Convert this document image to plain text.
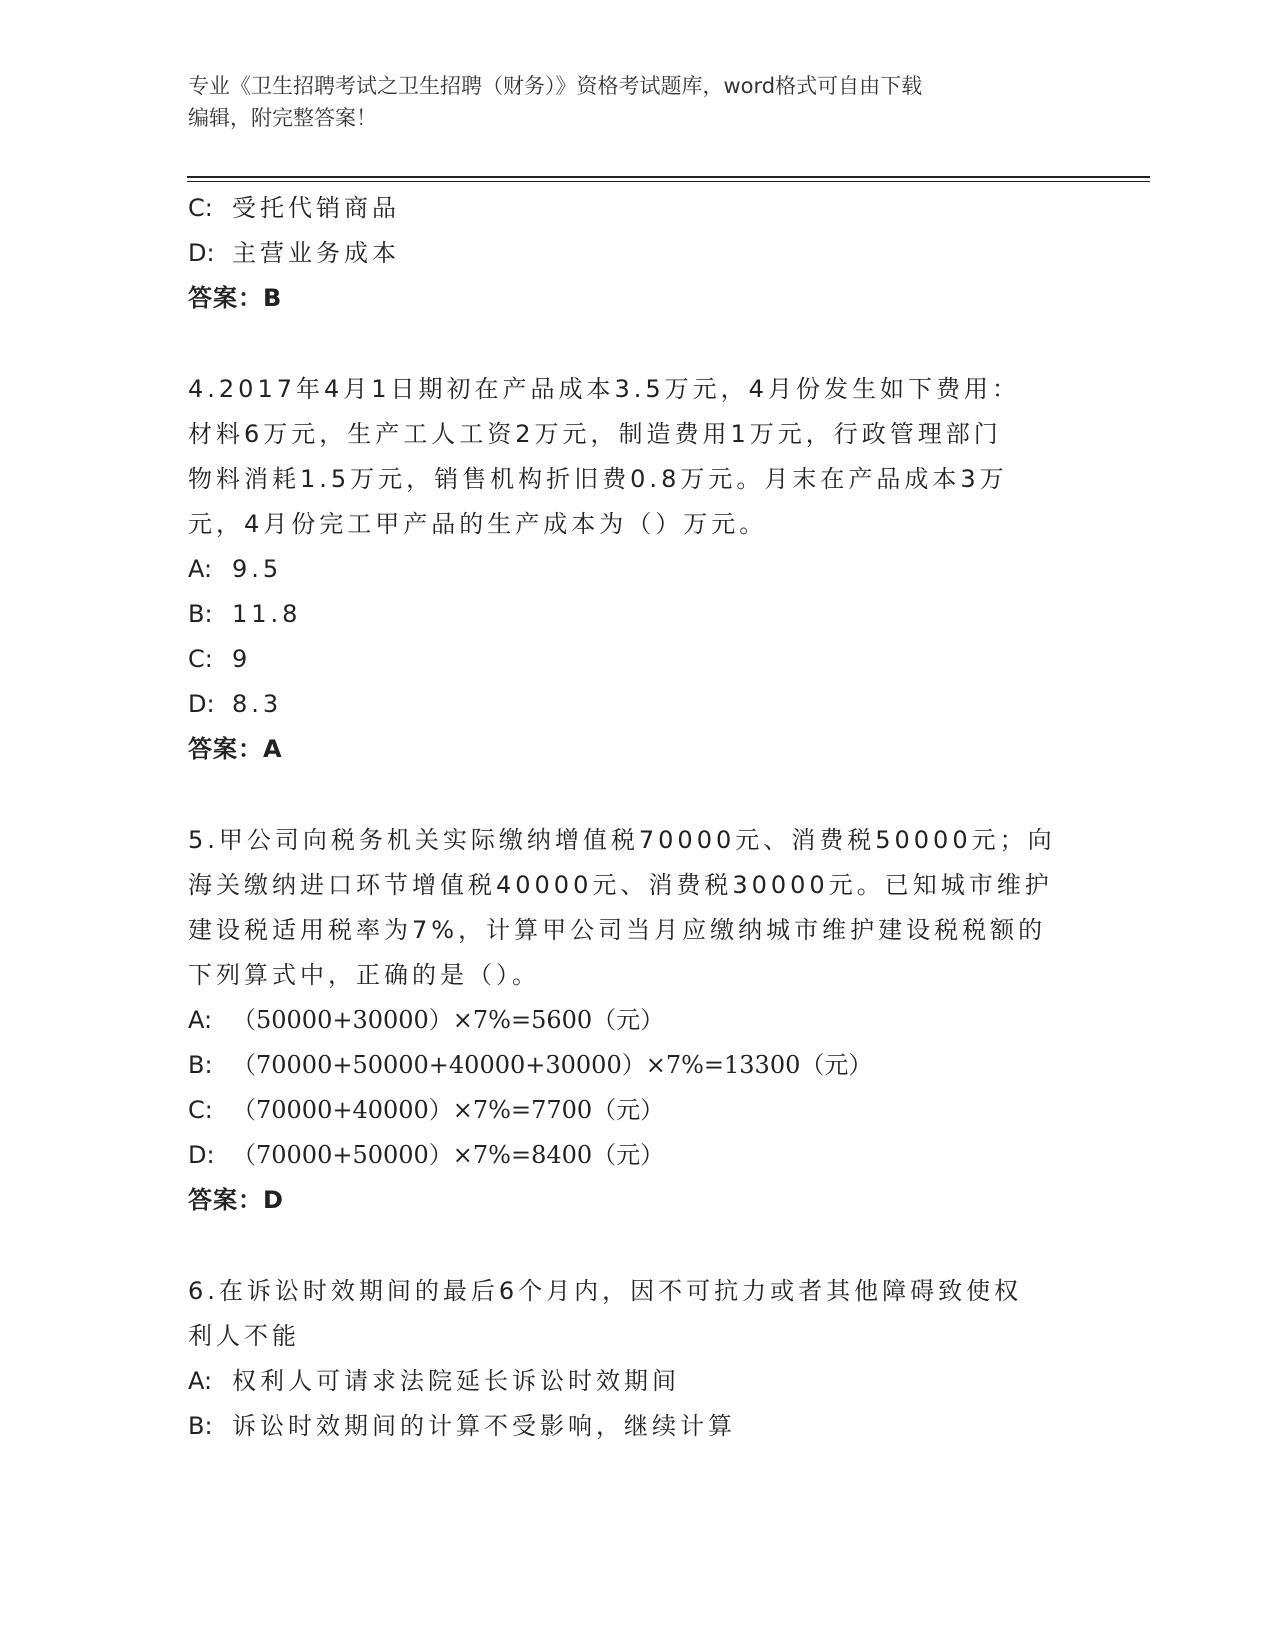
专业《卫生招聘考试之卫生招聘（财务）》资格考试题库，word格式可自由下载
编辑，附完整答案！
C: 受托代销商品
D: 主营业务成本
答案：B
4.2017年4月1日期初在产品成本3.5万元，4月份发生如下费用：
材料6万元，生产工人工资2万元，制造费用1万元，行政管理部门
物料消耗1.5万元，销售机构折旧费0.8万元。月末在产品成本3万
元，4月份完工甲产品的生产成本为（）万元。
A: 9.5
B: 11.8
C: 9
D: 8.3
答案：A
5.甲公司向税务机关实际缴纳增值税70000元、消费税50000元；向
海关缴纳进口环节增值税40000元、消费税30000元。已知城市维护
建设税适用税率为7%，计算甲公司当月应缴纳城市维护建设税税额的
下列算式中，正确的是（）。
A: （50000+30000）×7%=5600（元）
B: （70000+50000+40000+30000）×7%=13300（元）
C: （70000+40000）×7%=7700（元）
D: （70000+50000）×7%=8400（元）
答案：D
6.在诉讼时效期间的最后6个月内，因不可抗力或者其他障碍致使权
利人不能
A: 权利人可请求法院延长诉讼时效期间
B: 诉讼时效期间的计算不受影响，继续计算
